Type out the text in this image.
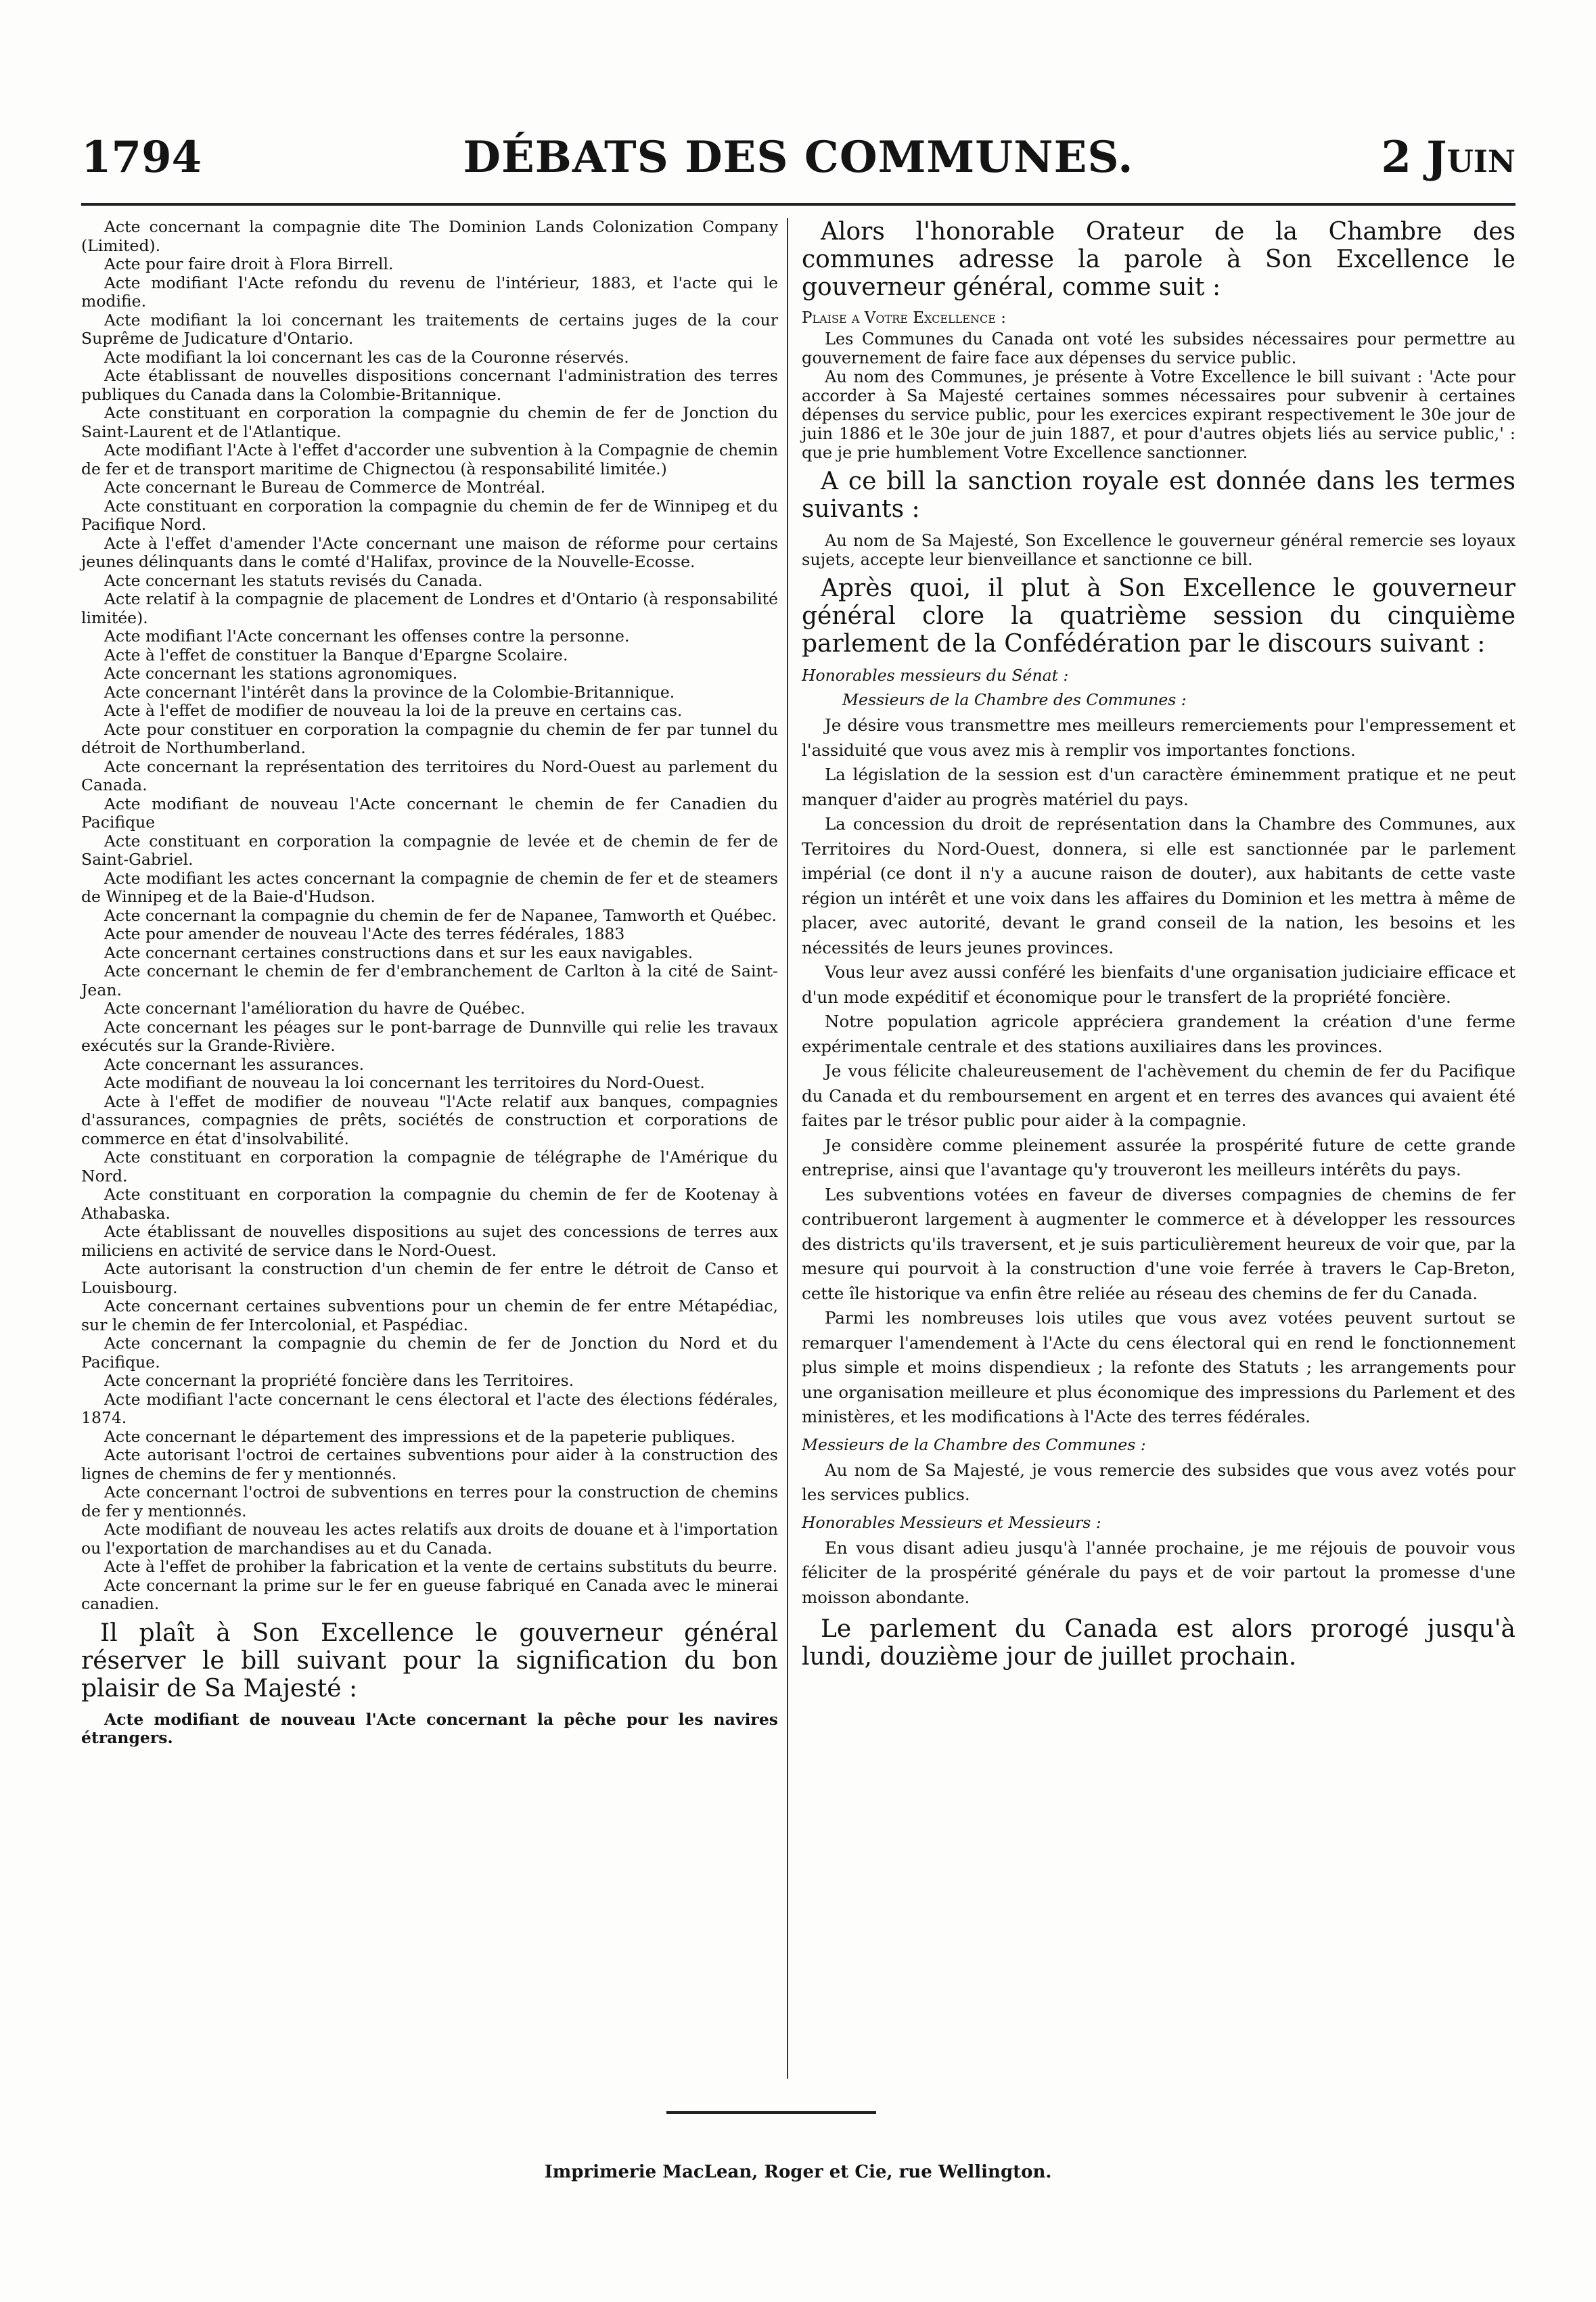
1794	DÉBATS DES COMMUNES.	2 Juin

Acte concernant la compagnie dite The Dominion Lands Colonization Company (Limited).

Acte pour faire droit à Flora Birrell.

Acte modifiant l'Acte refondu du revenu de l'intérieur, 1883, et l'acte qui le modifie.

Acte modifiant la loi concernant les traitements de certains juges de la cour Suprême de Judicature d'Ontario.

Acte modifiant la loi concernant les cas de la Couronne réservés.

Acte établissant de nouvelles dispositions concernant l'administration des terres publiques du Canada dans la Colombie-Britannique.

Acte constituant en corporation la compagnie du chemin de fer de Jonction du Saint-Laurent et de l'Atlantique.

Acte modifiant l'Acte à l'effet d'accorder une subvention à la Compagnie de chemin de fer et de transport maritime de Chignectou (à responsabilité limitée.)

Acte concernant le Bureau de Commerce de Montréal.

Acte constituant en corporation la compagnie du chemin de fer de Winnipeg et du Pacifique Nord.

Acte à l'effet d'amender l'Acte concernant une maison de réforme pour certains jeunes délinquants dans le comté d'Halifax, province de la Nouvelle-Ecosse.

Acte concernant les statuts revisés du Canada.

Acte relatif à la compagnie de placement de Londres et d'Ontario (à responsabilité limitée).

Acte modifiant l'Acte concernant les offenses contre la personne.

Acte à l'effet de constituer la Banque d'Epargne Scolaire.

Acte concernant les stations agronomiques.

Acte concernant l'intérêt dans la province de la Colombie-Britannique.

Acte à l'effet de modifier de nouveau la loi de la preuve en certains cas.

Acte pour constituer en corporation la compagnie du chemin de fer par tunnel du détroit de Northumberland.

Acte concernant la représentation des territoires du Nord-Ouest au parlement du Canada.

Acte modifiant de nouveau l'Acte concernant le chemin de fer Canadien du Pacifique

Acte constituant en corporation la compagnie de levée et de chemin de fer de Saint-Gabriel.

Acte modifiant les actes concernant la compagnie de chemin de fer et de steamers de Winnipeg et de la Baie-d'Hudson.

Acte concernant la compagnie du chemin de fer de Napanee, Tamworth et Québec.

Acte pour amender de nouveau l'Acte des terres fédérales, 1883

Acte concernant certaines constructions dans et sur les eaux navigables.

Acte concernant le chemin de fer d'embranchement de Carlton à la cité de Saint-Jean.

Acte concernant l'amélioration du havre de Québec.

Acte concernant les péages sur le pont-barrage de Dunnville qui relie les travaux exécutés sur la Grande-Rivière.

Acte concernant les assurances.

Acte modifiant de nouveau la loi concernant les territoires du Nord-Ouest.

Acte à l'effet de modifier de nouveau "l'Acte relatif aux banques, compagnies d'assurances, compagnies de prêts, sociétés de construction et corporations de commerce en état d'insolvabilité.

Acte constituant en corporation la compagnie de télégraphe de l'Amérique du Nord.

Acte constituant en corporation la compagnie du chemin de fer de Kootenay à Athabaska.

Acte établissant de nouvelles dispositions au sujet des concessions de terres aux miliciens en activité de service dans le Nord-Ouest.

Acte autorisant la construction d'un chemin de fer entre le détroit de Canso et Louisbourg.

Acte concernant certaines subventions pour un chemin de fer entre Métapédiac, sur le chemin de fer Intercolonial, et Paspédiac.

Acte concernant la compagnie du chemin de fer de Jonction du Nord et du Pacifique.

Acte concernant la propriété foncière dans les Territoires.

Acte modifiant l'acte concernant le cens électoral et l'acte des élections fédérales, 1874.

Acte concernant le département des impressions et de la papeterie publiques.

Acte autorisant l'octroi de certaines subventions pour aider à la construction des lignes de chemins de fer y mentionnés.

Acte concernant l'octroi de subventions en terres pour la construction de chemins de fer y mentionnés.

Acte modifiant de nouveau les actes relatifs aux droits de douane et à l'importation ou l'exportation de marchandises au et du Canada.

Acte à l'effet de prohiber la fabrication et la vente de certains substituts du beurre.

Acte concernant la prime sur le fer en gueuse fabriqué en Canada avec le minerai canadien.

Il plaît à Son Excellence le gouverneur général réserver le bill suivant pour la signification du bon plaisir de Sa Majesté :

Acte modifiant de nouveau l'Acte concernant la pêche pour les navires étrangers.

Alors l'honorable Orateur de la Chambre des communes adresse la parole à Son Excellence le gouverneur général, comme suit :

Plaise a Votre Excellence :

Les Communes du Canada ont voté les subsides nécessaires pour permettre au gouvernement de faire face aux dépenses du service public.

Au nom des Communes, je présente à Votre Excellence le bill suivant : 'Acte pour accorder à Sa Majesté certaines sommes nécessaires pour subvenir à certaines dépenses du service public, pour les exercices expirant respectivement le 30e jour de juin 1886 et le 30e jour de juin 1887, et pour d'autres objets liés au service public,' : que je prie humblement Votre Excellence sanctionner.

A ce bill la sanction royale est donnée dans les termes suivants :

Au nom de Sa Majesté, Son Excellence le gouverneur général remercie ses loyaux sujets, accepte leur bienveillance et sanctionne ce bill.

Après quoi, il plut à Son Excellence le gouverneur général clore la quatrième session du cinquième parlement de la Confédération par le discours suivant :

Honorables messieurs du Sénat :
Messieurs de la Chambre des Communes :

Je désire vous transmettre mes meilleurs remerciements pour l'empressement et l'assiduité que vous avez mis à remplir vos importantes fonctions.

La législation de la session est d'un caractère éminemment pratique et ne peut manquer d'aider au progrès matériel du pays.

La concession du droit de représentation dans la Chambre des Communes, aux Territoires du Nord-Ouest, donnera, si elle est sanctionnée par le parlement impérial (ce dont il n'y a aucune raison de douter), aux habitants de cette vaste région un intérêt et une voix dans les affaires du Dominion et les mettra à même de placer, avec autorité, devant le grand conseil de la nation, les besoins et les nécessités de leurs jeunes provinces.

Vous leur avez aussi conféré les bienfaits d'une organisation judiciaire efficace et d'un mode expéditif et économique pour le transfert de la propriété foncière.

Notre population agricole appréciera grandement la création d'une ferme expérimentale centrale et des stations auxiliaires dans les provinces.

Je vous félicite chaleureusement de l'achèvement du chemin de fer du Pacifique du Canada et du remboursement en argent et en terres des avances qui avaient été faites par le trésor public pour aider à la compagnie.

Je considère comme pleinement assurée la prospérité future de cette grande entreprise, ainsi que l'avantage qu'y trouveront les meilleurs intérêts du pays.

Les subventions votées en faveur de diverses compagnies de chemins de fer contribueront largement à augmenter le commerce et à développer les ressources des districts qu'ils traversent, et je suis particulièrement heureux de voir que, par la mesure qui pourvoit à la construction d'une voie ferrée à travers le Cap-Breton, cette île historique va enfin être reliée au réseau des chemins de fer du Canada.

Parmi les nombreuses lois utiles que vous avez votées peuvent surtout se remarquer l'amendement à l'Acte du cens électoral qui en rend le fonctionnement plus simple et moins dispendieux ; la refonte des Statuts ; les arrangements pour une organisation meilleure et plus économique des impressions du Parlement et des ministères, et les modifications à l'Acte des terres fédérales.

Messieurs de la Chambre des Communes :

Au nom de Sa Majesté, je vous remercie des subsides que vous avez votés pour les services publics.

Honorables Messieurs et Messieurs :

En vous disant adieu jusqu'à l'année prochaine, je me réjouis de pouvoir vous féliciter de la prospérité générale du pays et de voir partout la promesse d'une moisson abondante.

Le parlement du Canada est alors prorogé jusqu'à lundi, douzième jour de juillet prochain.

Imprimerie MacLean, Roger et Cie, rue Wellington.
